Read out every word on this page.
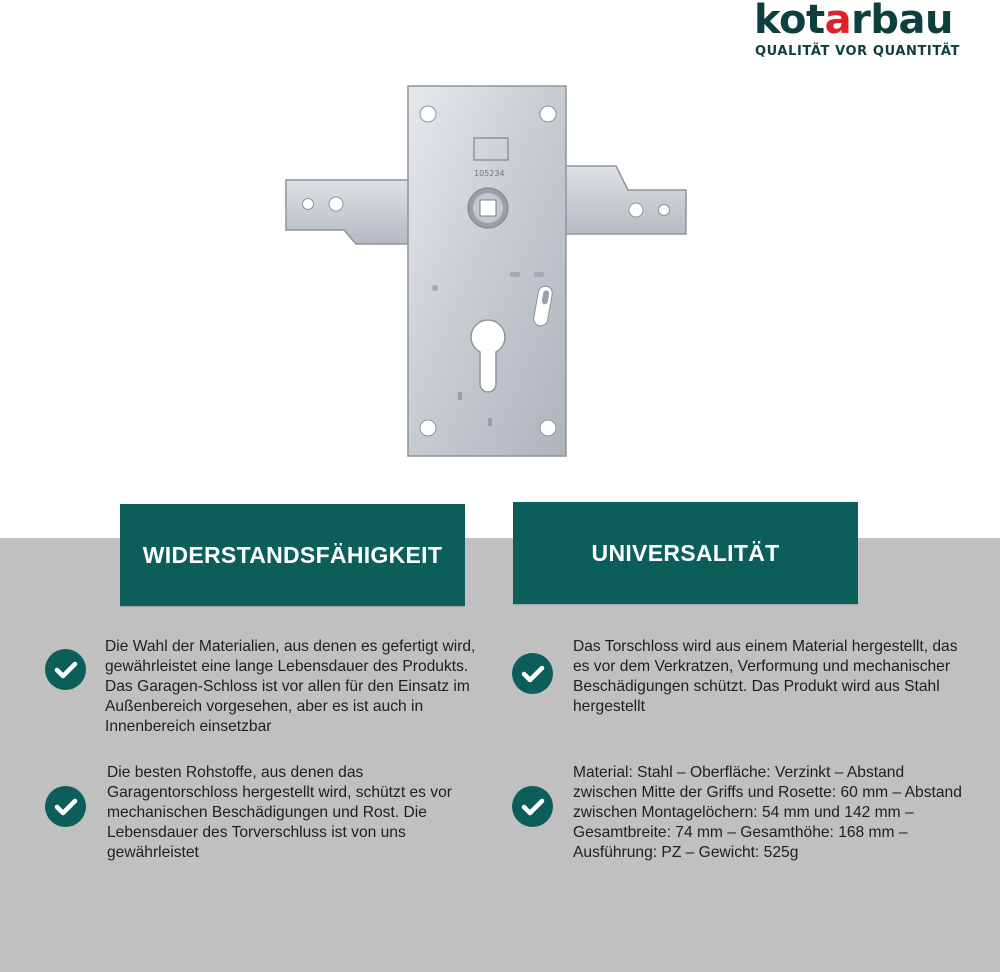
kotarbau
QUALITÄT VOR QUANTITÄT
105234
WIDERSTANDSFÄHIGKEIT	UNIVERSALITÄT
Die Wahl der Materialien, aus denen es gefertigt wird, gewährleistet eine lange Lebensdauer des Produkts. Das Garagen-Schloss ist vor allen für den Einsatz im Außenbereich vorgesehen, aber es ist auch in Innenbereich einsetzbar
Das Torschloss wird aus einem Material hergestellt, das es vor dem Verkratzen, Verformung und mechanischer Beschädigungen schützt. Das Produkt wird aus Stahl hergestellt
Die besten Rohstoffe, aus denen das Garagentorschloss hergestellt wird, schützt es vor mechanischen Beschädigungen und Rost. Die Lebensdauer des Torverschluss ist von uns gewährleistet
Material: Stahl – Oberfläche: Verzinkt – Abstand zwischen Mitte der Griffs und Rosette: 60 mm – Abstand zwischen Montagelöchern: 54 mm und 142 mm – Gesamtbreite: 74 mm – Gesamthöhe: 168 mm – Ausführung: PZ – Gewicht: 525g
